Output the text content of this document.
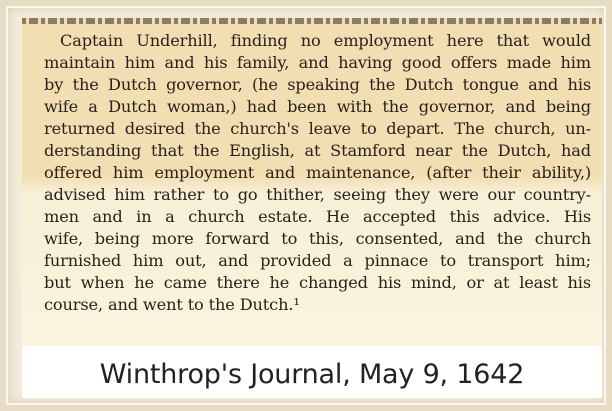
Captain Underhill, finding no employment here that would
maintain him and his family, and having good offers made him
by the Dutch governor, (he speaking the Dutch tongue and his
wife a Dutch woman,) had been with the governor, and being
returned desired the church's leave to depart. The church, un-
derstanding that the English, at Stamford near the Dutch, had
offered him employment and maintenance, (after their ability,)
advised him rather to go thither, seeing they were our country-
men and in a church estate. He accepted this advice. His
wife, being more forward to this, consented, and the church
furnished him out, and provided a pinnace to transport him;
but when he came there he changed his mind, or at least his
course, and went to the Dutch.¹
Winthrop's Journal, May 9, 1642
